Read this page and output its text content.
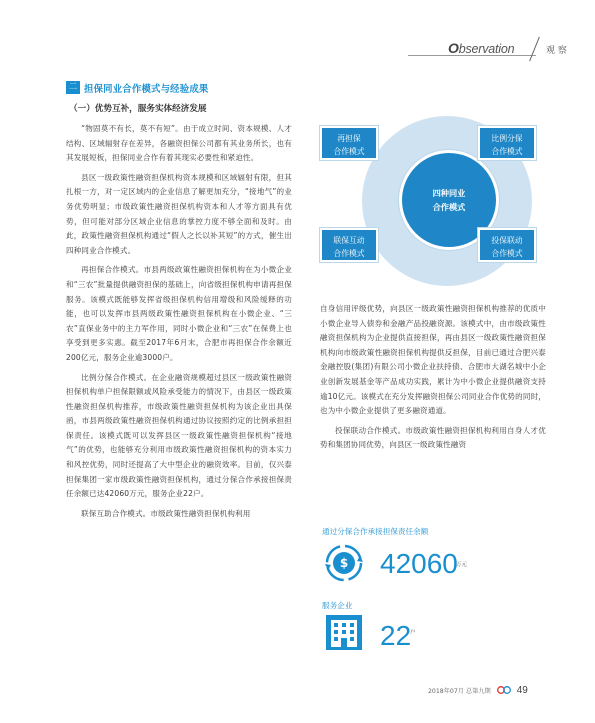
Observation	观 察
二 担保同业合作模式与经验成果
（一）优势互补，服务实体经济发展

“物固莫不有长，莫不有短”。由于成立时间、资本规模、人才结构、区域辐射存在差异，各融资担保公司都有其业务所长，也有其发展短板，担保同业合作有着其现实必要性和紧迫性。

县区一级政策性融资担保机构资本规模和区域辐射有限，但其扎根一方，对一定区域内的企业信息了解更加充分，“接地气”的业务优势明显；市级政策性融资担保机构资本和人才等方面具有优势，但可能对部分区域企业信息的掌控力度不够全面和及时。由此，政策性融资担保机构通过“假人之长以补其短”的方式，催生出四种同业合作模式。

再担保合作模式。市县两级政策性融资担保机构在为小微企业和“三农”批量提供融资担保的基础上，向省级担保机构申请再担保服务。该模式既能够发挥省级担保机构信用增级和风险缓释的功能，也可以发挥市县两级政策性融资担保机构在小微企业、“三农”直保业务中的主力军作用，同时小微企业和“三农”在保费上也享受到更多实惠。截至2017年6月末，合肥市再担保合作余额近200亿元，服务企业逾3000户。

比例分保合作模式。在企业融资规模超过县区一级政策性融资担保机构单户担保限额或风险承受能力的情况下，由县区一级政策性融资担保机构推荐，市级政策性融资担保机构为该企业出具保函，市县两级政策性融资担保机构通过协议按照约定的比例承担担保责任。该模式既可以发挥县区一级政策性融资担保机构“接地气”的优势，也能够充分利用市级政策性融资担保机构的资本实力和风控优势，同时还提高了大中型企业的融资效率。目前，仅兴泰担保集团一家市级政策性融资担保机构，通过分保合作承接担保责任余额已达42060万元，服务企业22户。

联保互助合作模式。市级政策性融资担保机构利用

四种同业
合作模式
再担保
合作模式
比例分保
合作模式
联保互动
合作模式
投保联动
合作模式

自身信用评级优势，向县区一级政策性融资担保机构推荐的优质中小微企业导入债券和金融产品投融资源。该模式中，由市级政策性融资担保机构为企业提供直接担保，再由县区一级政策性融资担保机构向市级政策性融资担保机构提供反担保，目前已通过合肥兴泰金融控股(集团)有限公司小微企业扶持债、合肥市大湖名城中小企业创新发展基金等产品成功实践，累计为中小微企业提供融资支持逾10亿元。该模式在充分发挥融资担保公司同业合作优势的同时，也为中小微企业提供了更多融资通道。

投保联动合作模式。市级政策性融资担保机构利用自身人才优势和集团协同优势，向县区一级政策性融资

通过分保合作承接担保责任余额
$ 42060
万元
服务企业
22
户
2018年07月 总第九期	49
